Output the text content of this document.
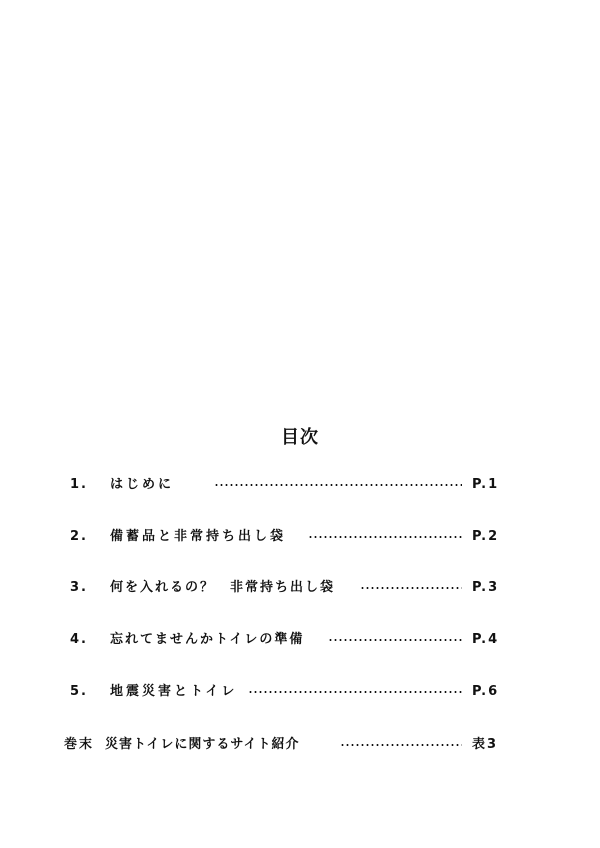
目次
1. はじめに	P.1
2. 備蓄品と非常持ち出し袋	P.2
3. 何を入れるの？　非常持ち出し袋	P.3
4. 忘れてませんかトイレの準備	P.4
5. 地震災害とトイレ	P.6
巻末 災害トイレに関するサイト紹介	表3
